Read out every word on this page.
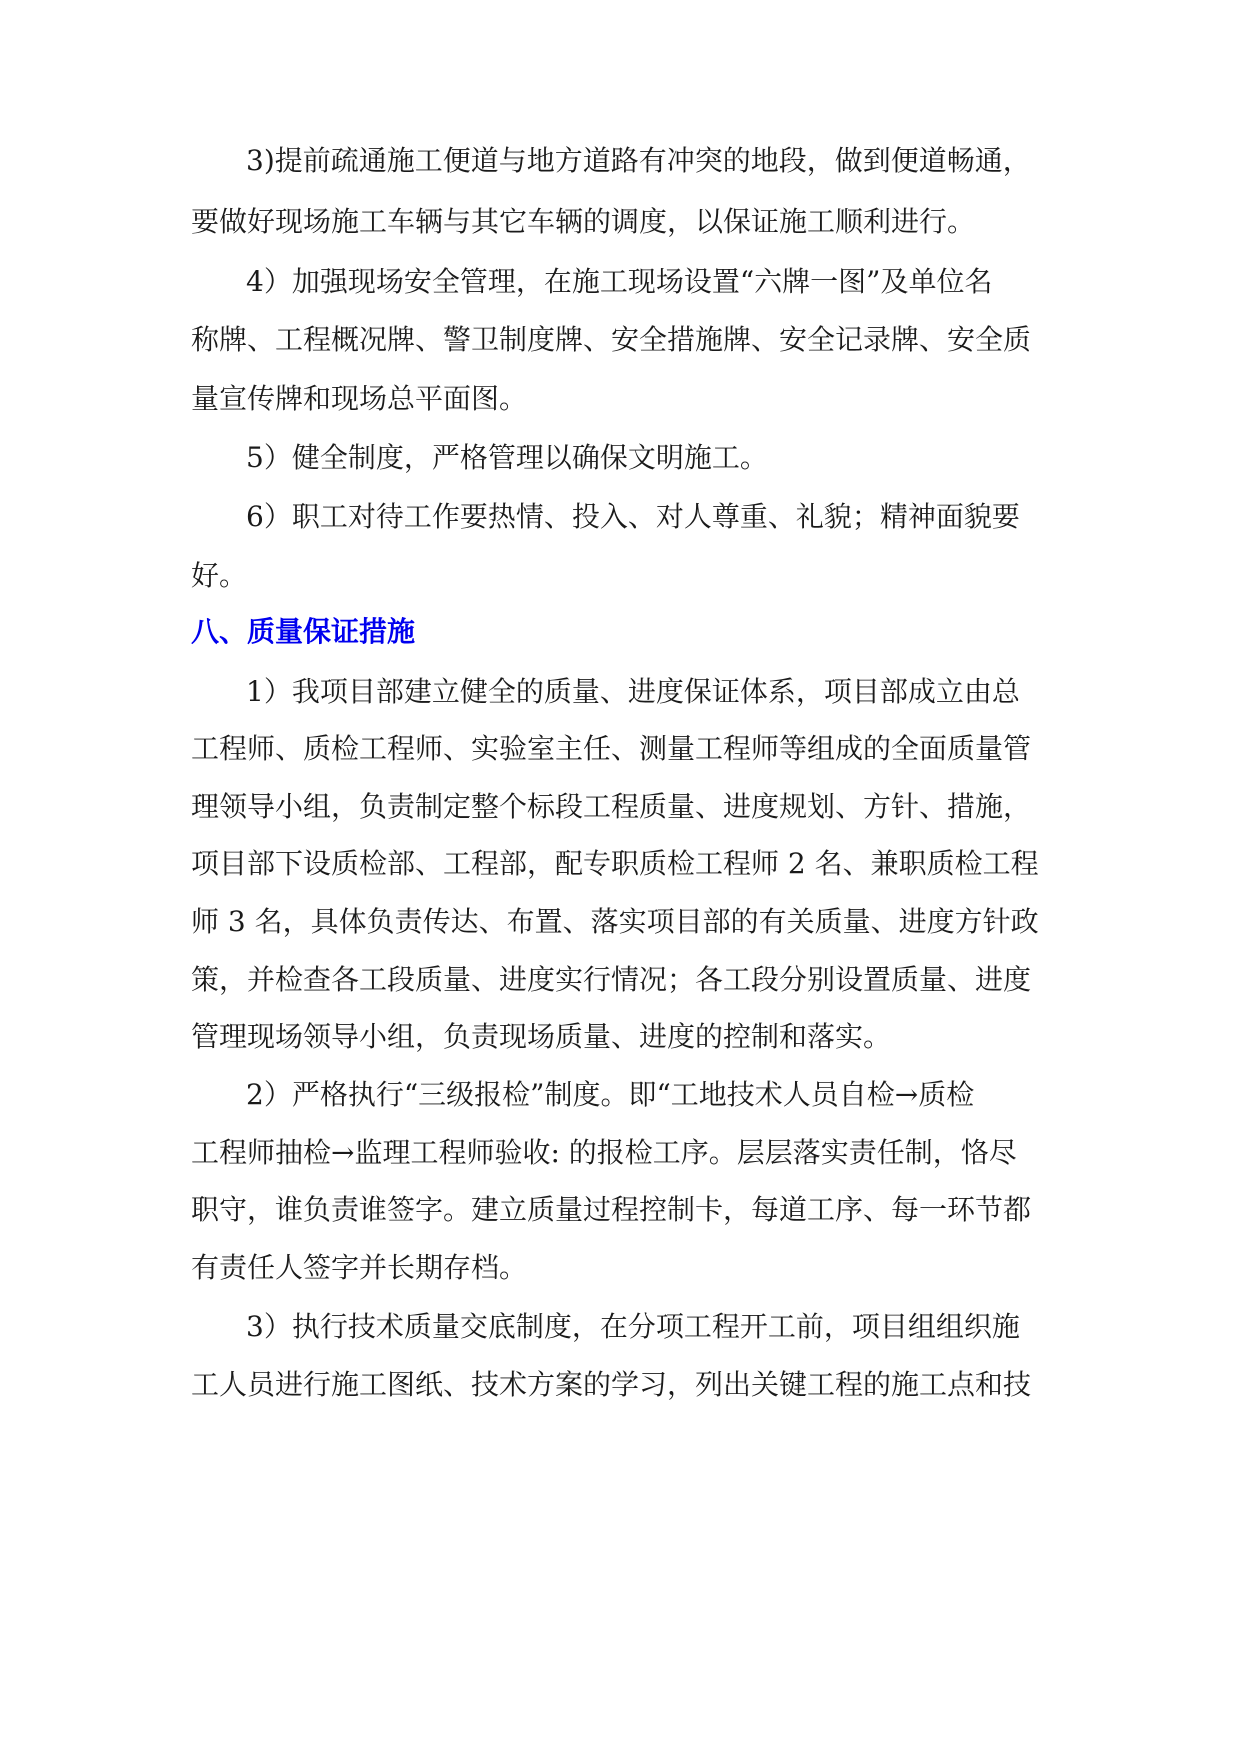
3)提前疏通施工便道与地方道路有冲突的地段，做到便道畅通，
要做好现场施工车辆与其它车辆的调度，以保证施工顺利进行。
4）加强现场安全管理，在施工现场设置“六牌一图”及单位名
称牌、工程概况牌、警卫制度牌、安全措施牌、安全记录牌、安全质
量宣传牌和现场总平面图。
5）健全制度，严格管理以确保文明施工。
6）职工对待工作要热情、投入、对人尊重、礼貌；精神面貌要
好。
八、质量保证措施
1）我项目部建立健全的质量、进度保证体系，项目部成立由总
工程师、质检工程师、实验室主任、测量工程师等组成的全面质量管
理领导小组，负责制定整个标段工程质量、进度规划、方针、措施，
项目部下设质检部、工程部，配专职质检工程师 2 名、兼职质检工程
师 3 名，具体负责传达、布置、落实项目部的有关质量、进度方针政
策，并检查各工段质量、进度实行情况；各工段分别设置质量、进度
管理现场领导小组，负责现场质量、进度的控制和落实。
2）严格执行“三级报检”制度。即“工地技术人员自检→质检
工程师抽检→监理工程师验收: 的报检工序。层层落实责任制，恪尽
职守，谁负责谁签字。建立质量过程控制卡，每道工序、每一环节都
有责任人签字并长期存档。
3）执行技术质量交底制度，在分项工程开工前，项目组组织施
工人员进行施工图纸、技术方案的学习，列出关键工程的施工点和技
